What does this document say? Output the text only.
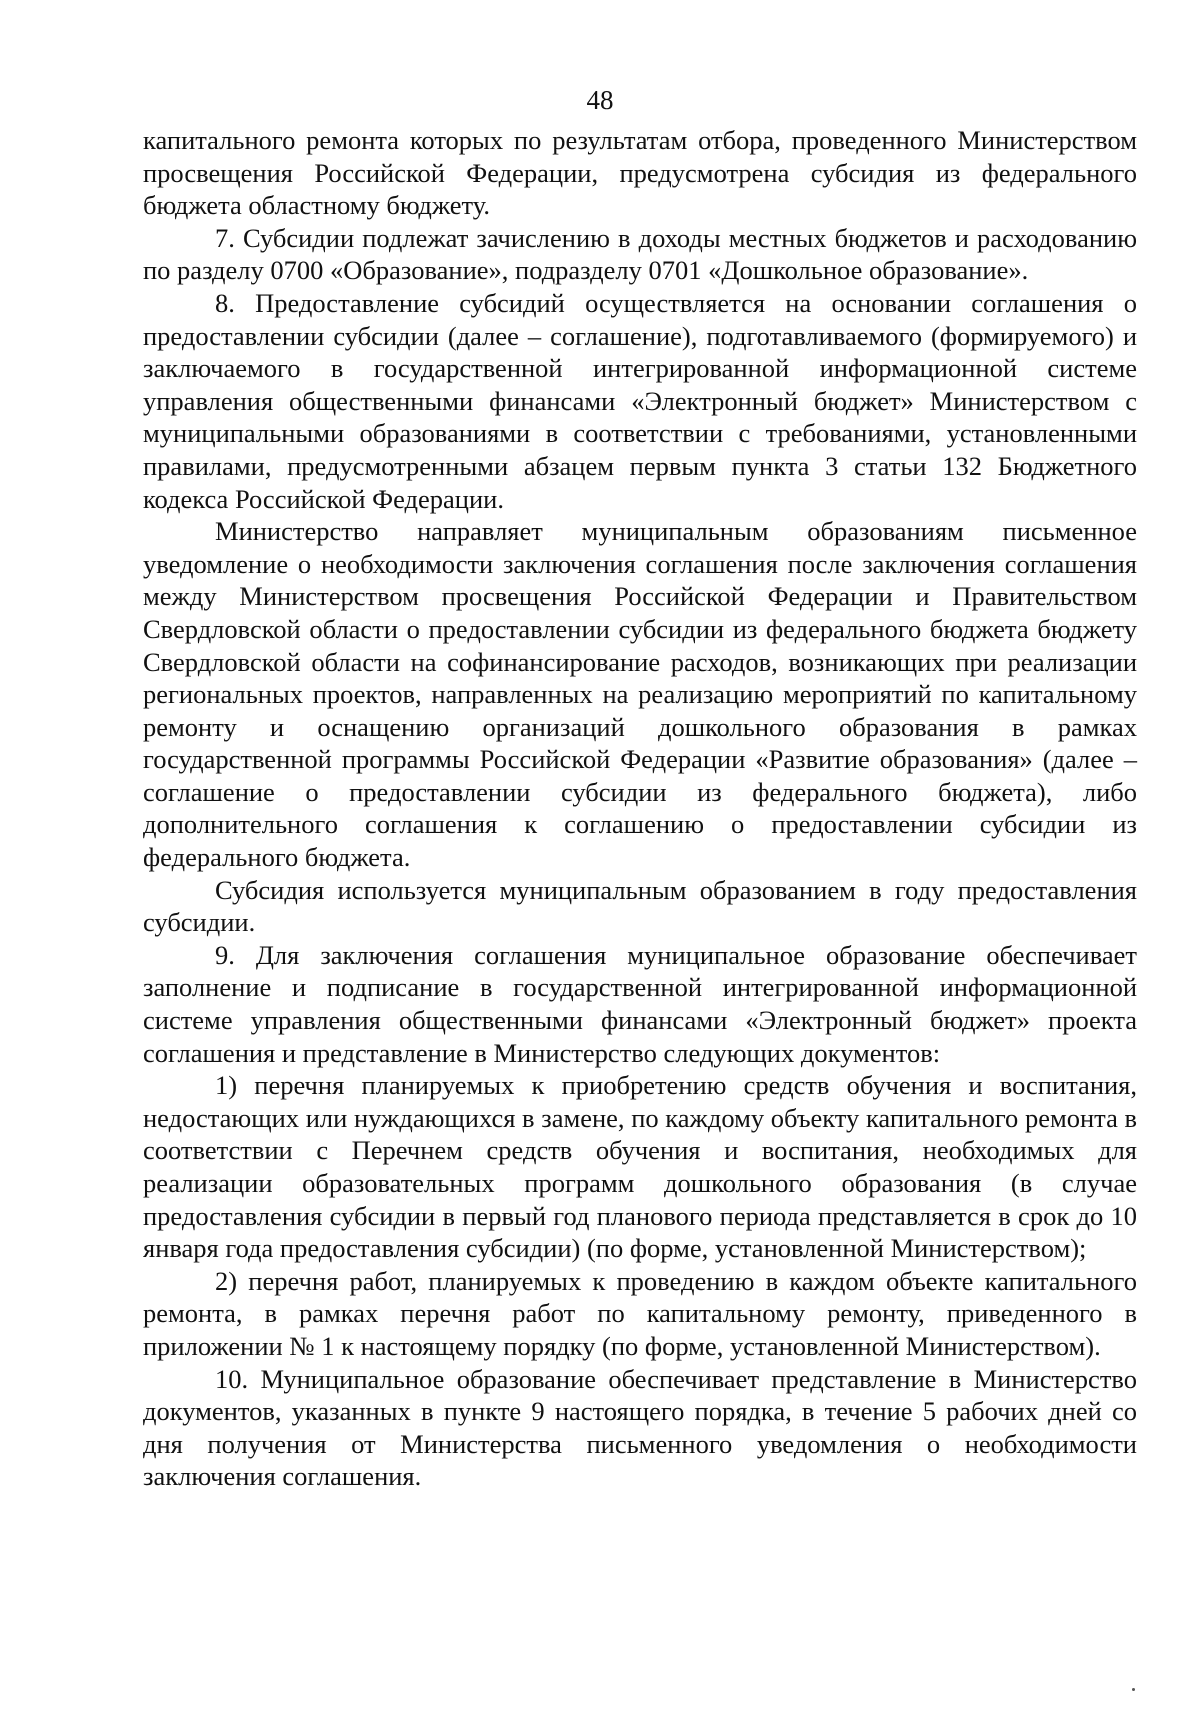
48

капитального ремонта которых по результатам отбора, проведенного Министерством просвещения Российской Федерации, предусмотрена субсидия из федерального бюджета областному бюджету.

7. Субсидии подлежат зачислению в доходы местных бюджетов и расходованию по разделу 0700 «Образование», подразделу 0701 «Дошкольное образование».

8. Предоставление субсидий осуществляется на основании соглашения о предоставлении субсидии (далее – соглашение), подготавливаемого (формируемого) и заключаемого в государственной интегрированной информационной системе управления общественными финансами «Электронный бюджет» Министерством с муниципальными образованиями в соответствии с требованиями, установленными правилами, предусмотренными абзацем первым пункта 3 статьи 132 Бюджетного кодекса Российской Федерации.

Министерство направляет муниципальным образованиям письменное уведомление о необходимости заключения соглашения после заключения соглашения между Министерством просвещения Российской Федерации и Правительством Свердловской области о предоставлении субсидии из федерального бюджета бюджету Свердловской области на софинансирование расходов, возникающих при реализации региональных проектов, направленных на реализацию мероприятий по капитальному ремонту и оснащению организаций дошкольного образования в рамках государственной программы Российской Федерации «Развитие образования» (далее – соглашение о предоставлении субсидии из федерального бюджета), либо дополнительного соглашения к соглашению о предоставлении субсидии из федерального бюджета.

Субсидия используется муниципальным образованием в году предоставления субсидии.

9. Для заключения соглашения муниципальное образование обеспечивает заполнение и подписание в государственной интегрированной информационной системе управления общественными финансами «Электронный бюджет» проекта соглашения и представление в Министерство следующих документов:

1) перечня планируемых к приобретению средств обучения и воспитания, недостающих или нуждающихся в замене, по каждому объекту капитального ремонта в соответствии с Перечнем средств обучения и воспитания, необходимых для реализации образовательных программ дошкольного образования (в случае предоставления субсидии в первый год планового периода представляется в срок до 10 января года предоставления субсидии) (по форме, установленной Министерством);

2) перечня работ, планируемых к проведению в каждом объекте капитального ремонта, в рамках перечня работ по капитальному ремонту, приведенного в приложении № 1 к настоящему порядку (по форме, установленной Министерством).

10. Муниципальное образование обеспечивает представление в Министерство документов, указанных в пункте 9 настоящего порядка, в течение 5 рабочих дней со дня получения от Министерства письменного уведомления о необходимости заключения соглашения.
